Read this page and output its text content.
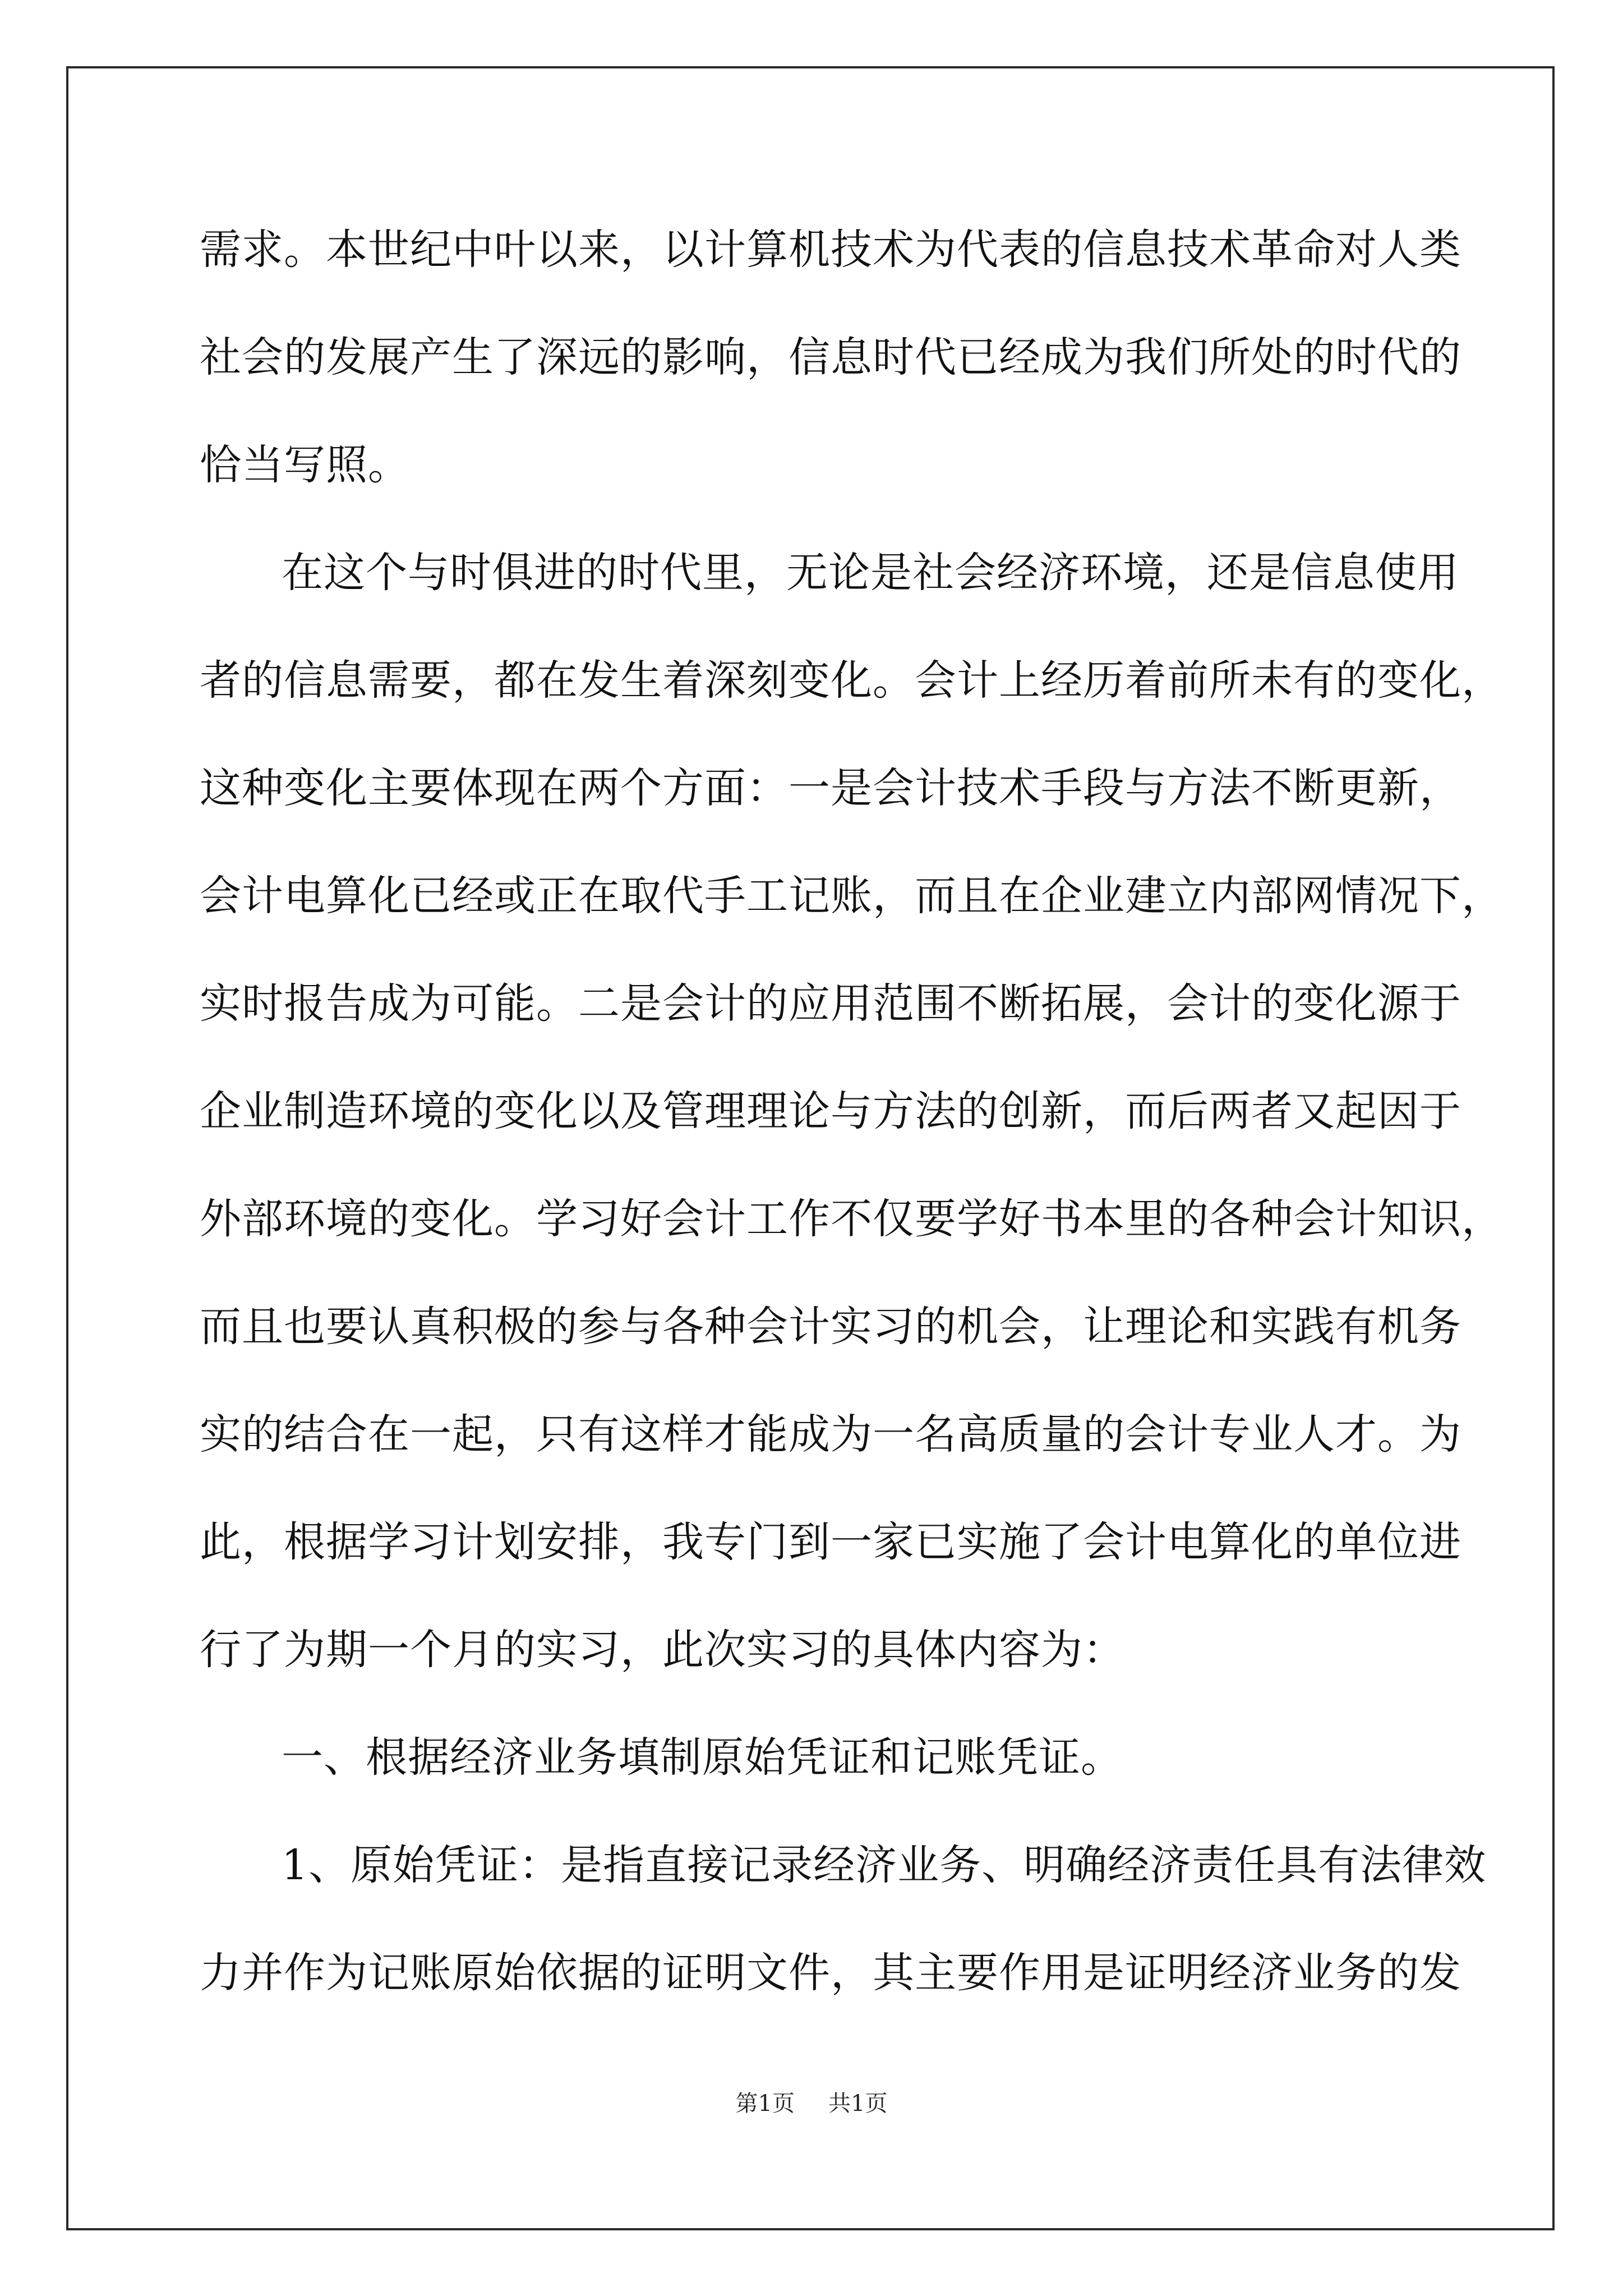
需求。本世纪中叶以来，以计算机技术为代表的信息技术革命对人类
社会的发展产生了深远的影响，信息时代已经成为我们所处的时代的
恰当写照。
在这个与时俱进的时代里，无论是社会经济环境，还是信息使用
者的信息需要，都在发生着深刻变化。会计上经历着前所未有的变化，
这种变化主要体现在两个方面：一是会计技术手段与方法不断更新，
会计电算化已经或正在取代手工记账，而且在企业建立内部网情况下，
实时报告成为可能。二是会计的应用范围不断拓展，会计的变化源于
企业制造环境的变化以及管理理论与方法的创新，而后两者又起因于
外部环境的变化。学习好会计工作不仅要学好书本里的各种会计知识，
而且也要认真积极的参与各种会计实习的机会，让理论和实践有机务
实的结合在一起，只有这样才能成为一名高质量的会计专业人才。为
此，根据学习计划安排，我专门到一家已实施了会计电算化的单位进
行了为期一个月的实习，此次实习的具体内容为：
一、根据经济业务填制原始凭证和记账凭证。
1、原始凭证：是指直接记录经济业务、明确经济责任具有法律效
力并作为记账原始依据的证明文件，其主要作用是证明经济业务的发
第1页 共1页
